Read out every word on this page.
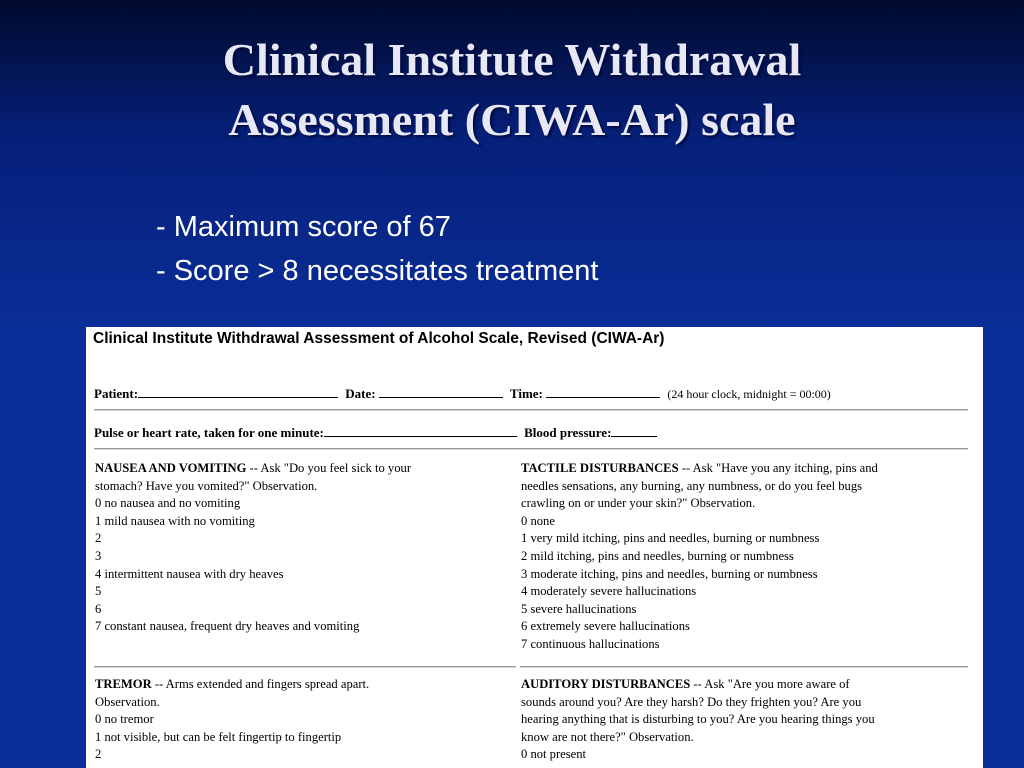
Clinical Institute Withdrawal
Assessment (CIWA-Ar) scale
- Maximum score of 67
- Score > 8 necessitates treatment
Clinical Institute Withdrawal Assessment of Alcohol Scale, Revised (CIWA-Ar)
Patient:	Date:	Time:	(24 hour clock, midnight = 00:00)
Pulse or heart rate, taken for one minute:	Blood pressure:
NAUSEA AND VOMITING -- Ask "Do you feel sick to your
stomach? Have you vomited?" Observation.
0 no nausea and no vomiting
1 mild nausea with no vomiting
2
3
4 intermittent nausea with dry heaves
5
6
7 constant nausea, frequent dry heaves and vomiting
TACTILE DISTURBANCES -- Ask "Have you any itching, pins and
needles sensations, any burning, any numbness, or do you feel bugs
crawling on or under your skin?" Observation.
0 none
1 very mild itching, pins and needles, burning or numbness
2 mild itching, pins and needles, burning or numbness
3 moderate itching, pins and needles, burning or numbness
4 moderately severe hallucinations
5 severe hallucinations
6 extremely severe hallucinations
7 continuous hallucinations
TREMOR -- Arms extended and fingers spread apart.
Observation.
0 no tremor
1 not visible, but can be felt fingertip to fingertip
2
AUDITORY DISTURBANCES -- Ask "Are you more aware of
sounds around you? Are they harsh? Do they frighten you? Are you
hearing anything that is disturbing to you? Are you hearing things you
know are not there?" Observation.
0 not present
